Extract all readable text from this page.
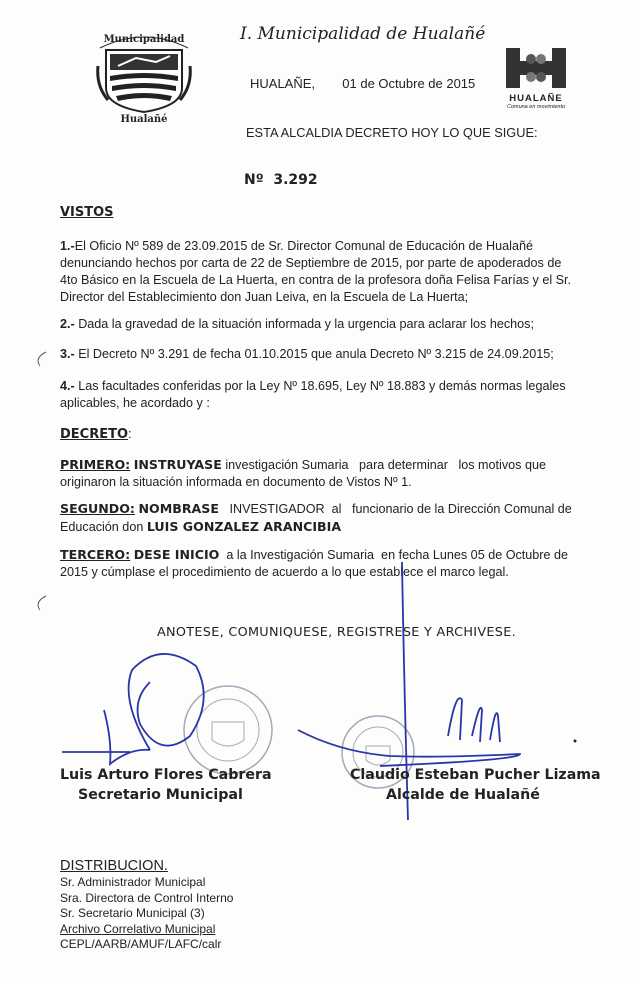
Municipalidad
Hualañé
I. Municipalidad de Hualañé
HUALAÑE
Comuna en movimiento
HUALAÑE, 01 de Octubre de 2015
ESTA ALCALDIA DECRETO HOY LO QUE SIGUE:
Nº  3.292
VISTOS

1.-El Oficio Nº 589 de 23.09.2015 de Sr. Director Comunal de Educación de Hualañé

denunciando hechos por carta de 22 de Septiembre de 2015, por parte de apoderados de

4to Básico en la Escuela de La Huerta, en contra de la profesora doña Felisa Farías y el Sr.

Director del Establecimiento don Juan Leiva, en la Escuela de La Huerta;

2.- Dada la gravedad de la situación informada y la urgencia para aclarar los hechos;

3.- El Decreto Nº 3.291 de fecha 01.10.2015 que anula Decreto Nº 3.215 de 24.09.2015;

4.- Las facultades conferidas por la Ley Nº 18.695, Ley Nº 18.883 y demás normas legales

aplicables, he acordado y :

DECRETO:

PRIMERO: INSTRUYASE investigación Sumaria   para determinar   los motivos que

originaron la situación informada en documento de Vistos Nº 1.

SEGUNDO: NOMBRASE   INVESTIGADOR  al   funcionario de la Dirección Comunal de

Educación don LUIS GONZALEZ ARANCIBIA

TERCERO: DESE INICIO  a la Investigación Sumaria  en fecha Lunes 05 de Octubre de

2015 y cúmplase el procedimiento de acuerdo a lo que establece el marco legal.

ANOTESE, COMUNIQUESE, REGISTRESE Y ARCHIVESE.
Luis Arturo Flores Cabrera
Secretario Municipal
Claudio Esteban Pucher Lizama
Alcalde de Hualañé
DISTRIBUCION.
Sr. Administrador Municipal
Sra. Directora de Control Interno
Sr. Secretario Municipal (3)
Archivo Correlativo Municipal
CEPL/AARB/AMUF/LAFC/calr
